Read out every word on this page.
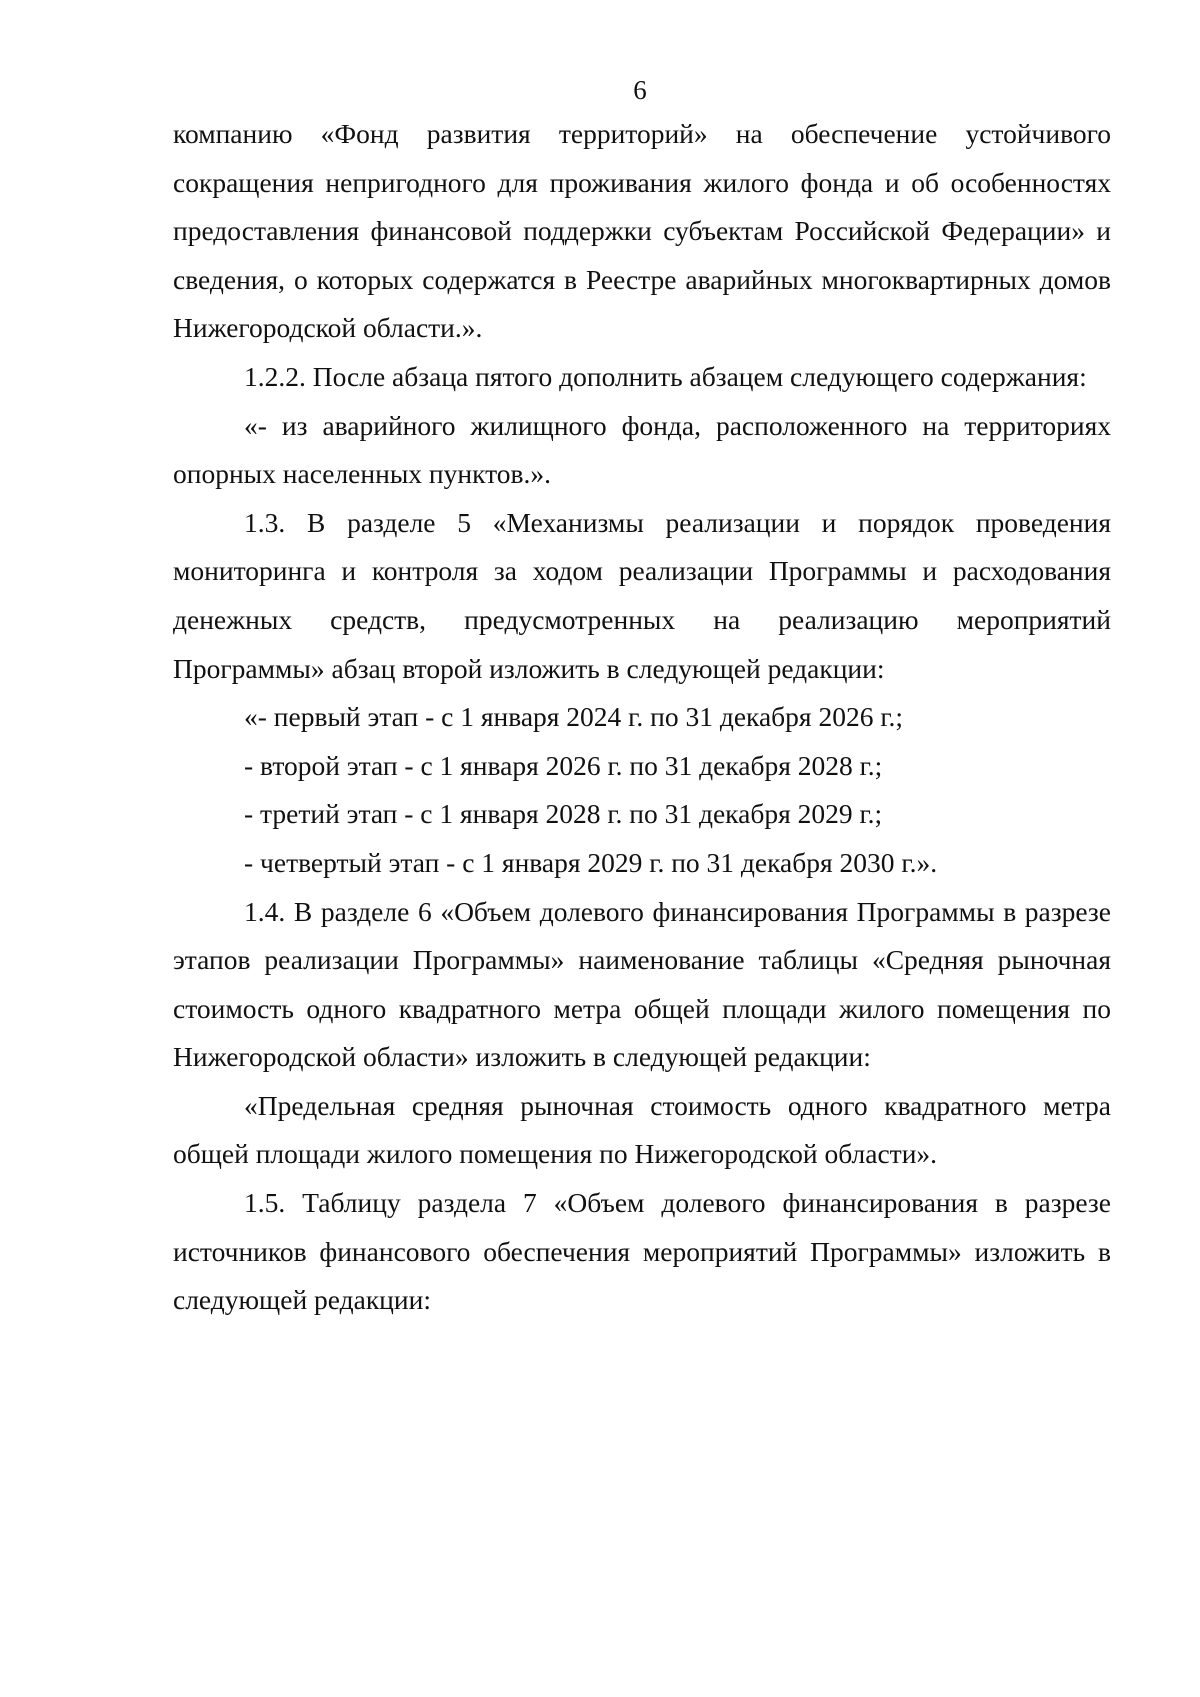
6

компанию «Фонд развития территорий» на обеспечение устойчивого сокращения непригодного для проживания жилого фонда и об особенностях предоставления финансовой поддержки субъектам Российской Федерации» и сведения, о которых содержатся в Реестре аварийных многоквартирных домов Нижегородской области.».

1.2.2. После абзаца пятого дополнить абзацем следующего содержания:

«- из аварийного жилищного фонда, расположенного на территориях опорных населенных пунктов.».

1.3. В разделе 5 «Механизмы реализации и порядок проведения мониторинга и контроля за ходом реализации Программы и расходования денежных средств, предусмотренных на реализацию мероприятий Программы» абзац второй изложить в следующей редакции:

«- первый этап - с 1 января 2024 г. по 31 декабря 2026 г.;

- второй этап - с 1 января 2026 г. по 31 декабря 2028 г.;

- третий этап - с 1 января 2028 г. по 31 декабря 2029 г.;

- четвертый этап - с 1 января 2029 г. по 31 декабря 2030 г.».

1.4. В разделе 6 «Объем долевого финансирования Программы в разрезе этапов реализации Программы» наименование таблицы «Средняя рыночная стоимость одного квадратного метра общей площади жилого помещения по Нижегородской области» изложить в следующей редакции:

«Предельная средняя рыночная стоимость одного квадратного метра общей площади жилого помещения по Нижегородской области».

1.5. Таблицу раздела 7 «Объем долевого финансирования в разрезе источников финансового обеспечения мероприятий Программы» изложить в следующей редакции:
